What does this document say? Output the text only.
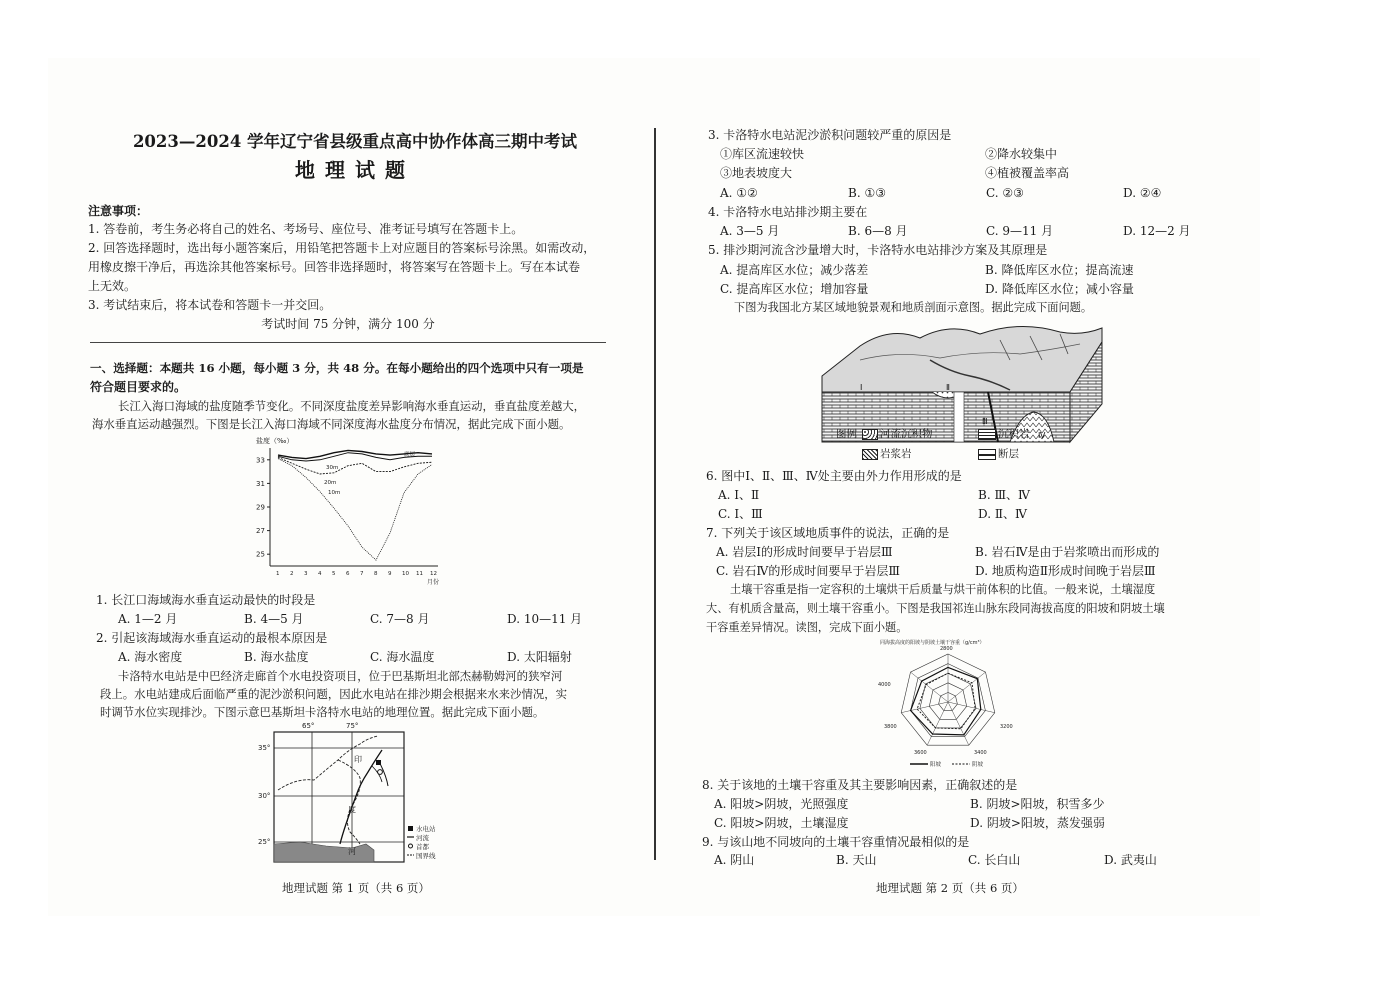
2023—2024 学年辽宁省县级重点高中协作体高三期中考试
地理试题
注意事项：
1. 答卷前，考生务必将自己的姓名、考场号、座位号、准考证号填写在答题卡上。
2. 回答选择题时，选出每小题答案后，用铅笔把答题卡上对应题目的答案标号涂黑。如需改动，
用橡皮擦干净后，再选涂其他答案标号。回答非选择题时，将答案写在答题卡上。写在本试卷
上无效。
3. 考试结束后，将本试卷和答题卡一并交回。
考试时间 75 分钟，满分 100 分
一、选择题：本题共 16 小题，每小题 3 分，共 48 分。在每小题给出的四个选项中只有一项是
符合题目要求的。
长江入海口海域的盐度随季节变化。不同深度盐度差异影响海水垂直运动，垂直盐度差越大，
海水垂直运动越强烈。下图是长江入海口海域不同深度海水盐度分布情况，据此完成下面小题。
盐度（‰）
33
31
29
27
25
1 2 3 4 5 6 7 8 9 10 11 12
底层
30m
20m
10m
月份
1. 长江口海域海水垂直运动最快的时段是
A. 1—2 月	B. 4—5 月	C. 7—8 月	D. 10—11 月
2. 引起该海域海水垂直运动的最根本原因是
A. 海水密度	B. 海水盐度	C. 海水温度	D. 太阳辐射
卡洛特水电站是中巴经济走廊首个水电投资项目，位于巴基斯坦北部杰赫勒姆河的狭窄河
段上。水电站建成后面临严重的泥沙淤积问题，因此水电站在排沙期会根据来水来沙情况，实
时调节水位实现排沙。下图示意巴基斯坦卡洛特水电站的地理位置。据此完成下面小题。
65°	75°
35°
30°
25°
印
度
河
水电站
河流
首都
国界线
地理试题 第 1 页（共 6 页）
3. 卡洛特水电站泥沙淤积问题较严重的原因是
①库区流速较快	②降水较集中
③地表坡度大	④植被覆盖率高
A. ①②	B. ①③	C. ②③	D. ②④
4. 卡洛特水电站排沙期主要在
A. 3—5 月	B. 6—8 月	C. 9—11 月	D. 12—2 月
5. 排沙期河流含沙量增大时，卡洛特水电站排沙方案及其原理是
A. 提高库区水位；减少落差	B. 降低库区水位；提高流速
C. 提高库区水位；增加容量	D. 降低库区水位；减小容量
下图为我国北方某区域地貌景观和地质剖面示意图。据此完成下面问题。
Ⅰ	Ⅱ
Ⅲ
Ⅳ
图例 河流沉积物	沉积岩
岩浆岩	断层
6. 图中Ⅰ、Ⅱ、Ⅲ、Ⅳ处主要由外力作用形成的是
A. Ⅰ、Ⅱ	B. Ⅲ、Ⅳ
C. Ⅰ、Ⅲ	D. Ⅱ、Ⅳ
7. 下列关于该区域地质事件的说法，正确的是
A. 岩层Ⅰ的形成时间要早于岩层Ⅲ	B. 岩石Ⅳ是由于岩浆喷出而形成的
C. 岩石Ⅳ的形成时间要早于岩层Ⅲ	D. 地质构造Ⅱ形成时间晚于岩层Ⅲ
土壤干容重是指一定容积的土壤烘干后质量与烘干前体积的比值。一般来说，土壤湿度
大、有机质含量高，则土壤干容重小。下图是我国祁连山脉东段同海拔高度的阳坡和阴坡土壤
干容重差异情况。读图，完成下面小题。
同海拔高度的阳坡与阴坡土壤干容重（g/cm³）
2800
3200
3400
3600
3800
4000
阳坡	阴坡
8. 关于该地的土壤干容重及其主要影响因素，正确叙述的是
A. 阳坡>阴坡，光照强度	B. 阴坡>阳坡，积雪多少
C. 阳坡>阴坡，土壤湿度	D. 阴坡>阳坡，蒸发强弱
9. 与该山地不同坡向的土壤干容重情况最相似的是
A. 阴山	B. 天山	C. 长白山	D. 武夷山
地理试题 第 2 页（共 6 页）
